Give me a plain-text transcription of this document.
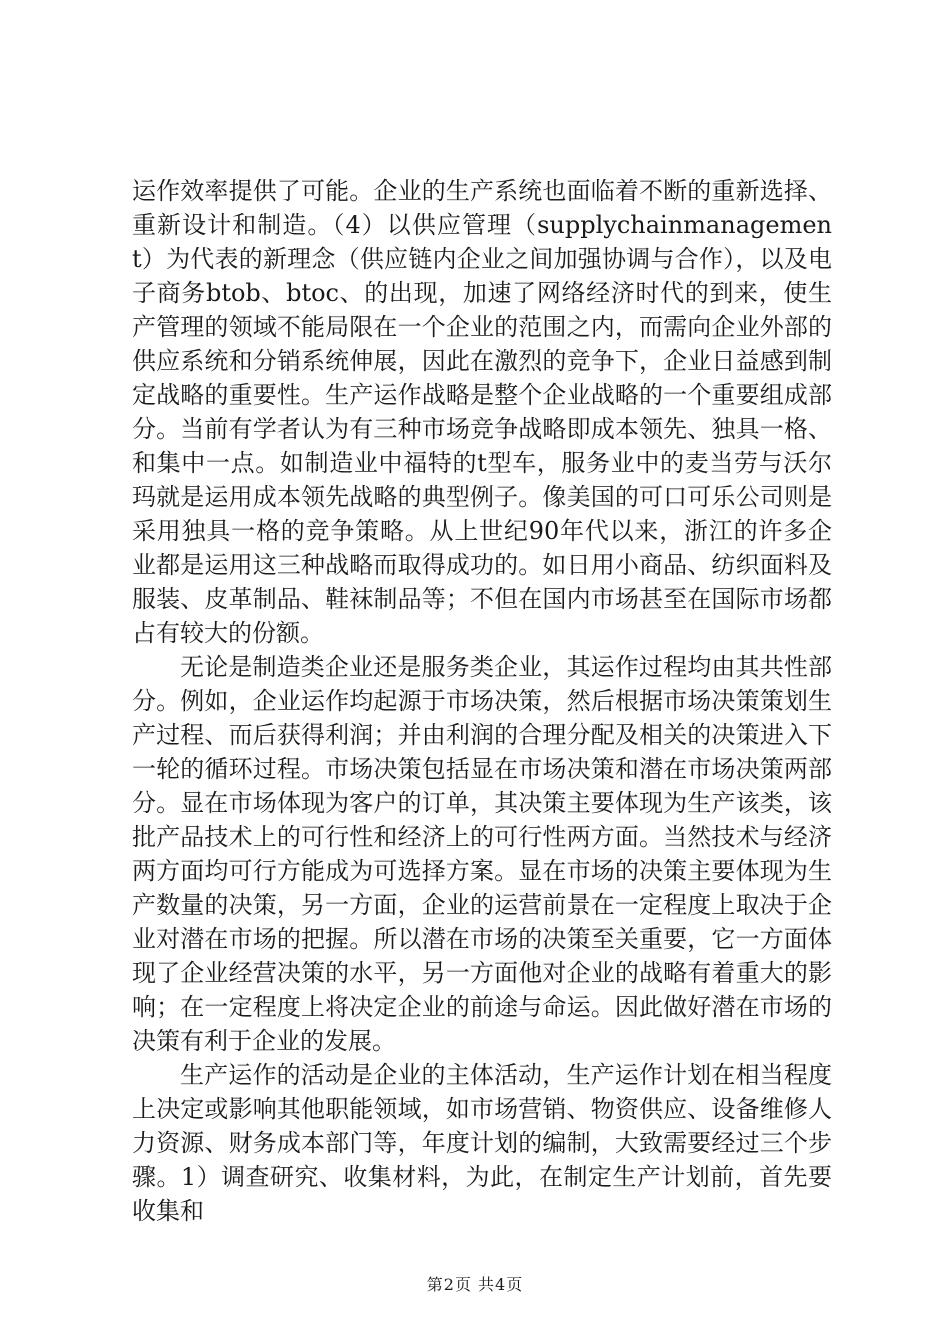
运作效率提供了可能。企业的生产系统也面临着不断的重新选择、重新设计和制造。（4）以供应管理（supplychainmanagement）为代表的新理念（供应链内企业之间加强协调与合作），以及电子商务btob、btoc、的出现，加速了网络经济时代的到来，使生产管理的领域不能局限在一个企业的范围之内，而需向企业外部的供应系统和分销系统伸展，因此在激烈的竞争下，企业日益感到制定战略的重要性。生产运作战略是整个企业战略的一个重要组成部分。当前有学者认为有三种市场竞争战略即成本领先、独具一格、和集中一点。如制造业中福特的t型车，服务业中的麦当劳与沃尔玛就是运用成本领先战略的典型例子。像美国的可口可乐公司则是采用独具一格的竞争策略。从上世纪90年代以来，浙江的许多企业都是运用这三种战略而取得成功的。如日用小商品、纺织面料及服装、皮革制品、鞋袜制品等；不但在国内市场甚至在国际市场都占有较大的份额。

无论是制造类企业还是服务类企业，其运作过程均由其共性部分。例如，企业运作均起源于市场决策，然后根据市场决策策划生产过程、而后获得利润；并由利润的合理分配及相关的决策进入下一轮的循环过程。市场决策包括显在市场决策和潜在市场决策两部分。显在市场体现为客户的订单，其决策主要体现为生产该类，该批产品技术上的可行性和经济上的可行性两方面。当然技术与经济两方面均可行方能成为可选择方案。显在市场的决策主要体现为生产数量的决策，另一方面，企业的运营前景在一定程度上取决于企业对潜在市场的把握。所以潜在市场的决策至关重要，它一方面体现了企业经营决策的水平，另一方面他对企业的战略有着重大的影响；在一定程度上将决定企业的前途与命运。因此做好潜在市场的决策有利于企业的发展。

生产运作的活动是企业的主体活动，生产运作计划在相当程度上决定或影响其他职能领域，如市场营销、物资供应、设备维修人力资源、财务成本部门等，年度计划的编制，大致需要经过三个步骤。1）调查研究、收集材料，为此，在制定生产计划前，首先要收集和

第2页 共4页
